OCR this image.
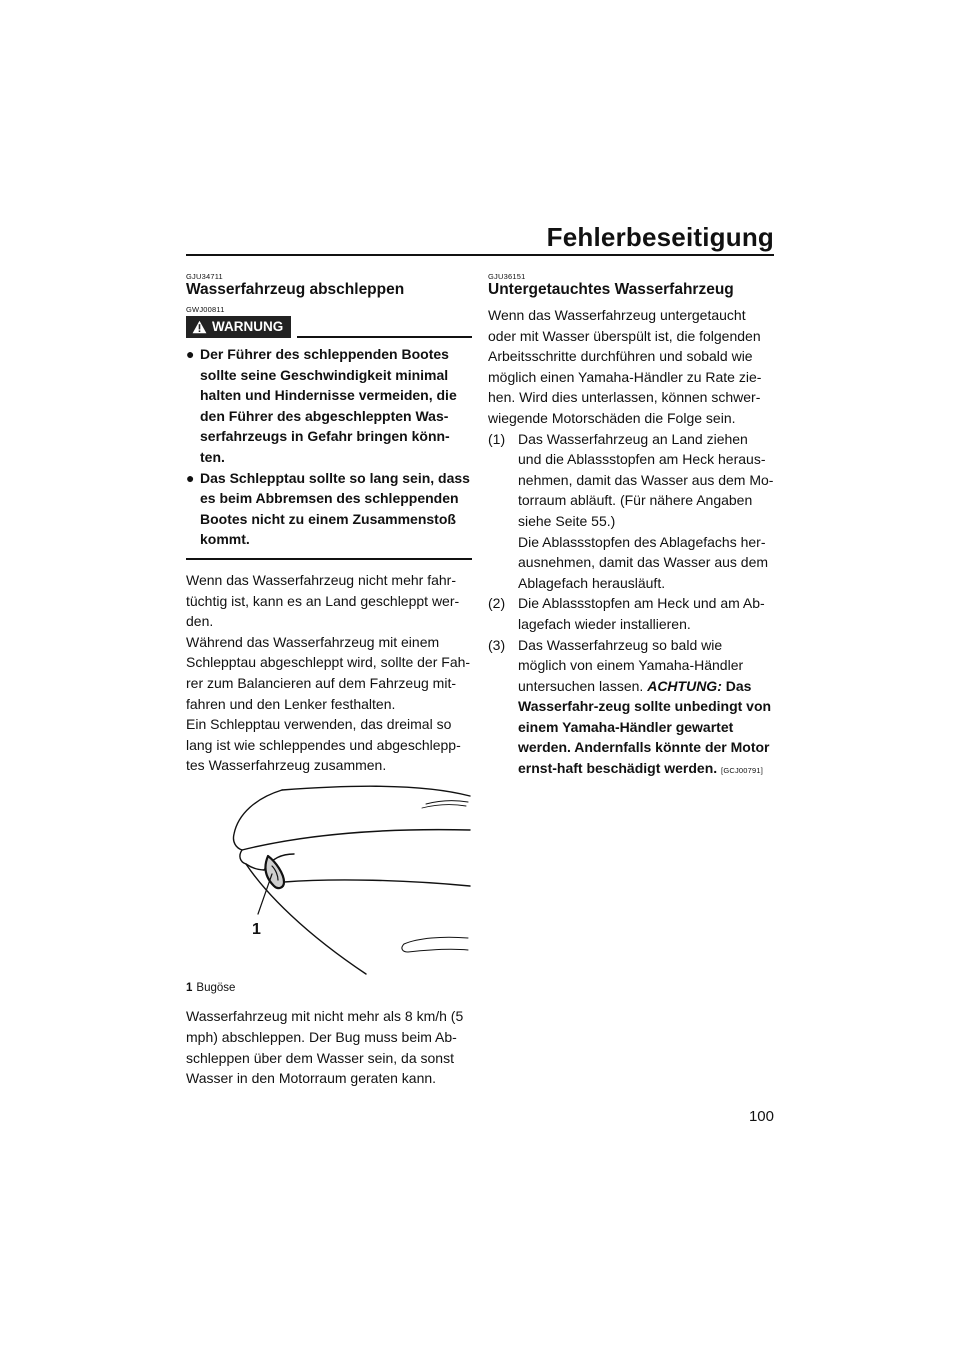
Fehlerbeseitigung
GJU34711
Wasserfahrzeug abschleppen
GWJ00811
WARNUNG
● Der Führer des schleppenden Bootes sollte seine Geschwindigkeit minimal halten und Hindernisse vermeiden, die den Führer des abgeschleppten Was-serfahrzeugs in Gefahr bringen könn-ten.
● Das Schlepptau sollte so lang sein, dass es beim Abbremsen des schleppenden Bootes nicht zu einem Zusammenstoß kommt.

Wenn das Wasserfahrzeug nicht mehr fahr-tüchtig ist, kann es an Land geschleppt wer-den.

Während das Wasserfahrzeug mit einem Schlepptau abgeschleppt wird, sollte der Fah-rer zum Balancieren auf dem Fahrzeug mit-fahren und den Lenker festhalten.

Ein Schlepptau verwenden, das dreimal so lang ist wie schleppendes und abgeschlepp-tes Wasserfahrzeug zusammen.

1
1 Bugöse

Wasserfahrzeug mit nicht mehr als 8 km/h (5 mph) abschleppen. Der Bug muss beim Ab-schleppen über dem Wasser sein, da sonst Wasser in den Motorraum geraten kann.

GJU36151
Untergetauchtes Wasserfahrzeug

Wenn das Wasserfahrzeug untergetaucht oder mit Wasser überspült ist, die folgenden Arbeitsschritte durchführen und sobald wie möglich einen Yamaha-Händler zu Rate zie-hen. Wird dies unterlassen, können schwer-wiegende Motorschäden die Folge sein.

(1) Das Wasserfahrzeug an Land ziehen und die Ablassstopfen am Heck heraus-nehmen, damit das Wasser aus dem Mo-torraum abläuft. (Für nähere Angaben siehe Seite 55.)
Die Ablassstopfen des Ablagefachs her-ausnehmen, damit das Wasser aus dem Ablagefach herausläuft.
(2) Die Ablassstopfen am Heck und am Ab-lagefach wieder installieren.
(3) Das Wasserfahrzeug so bald wie möglich von einem Yamaha-Händler untersuchen lassen. ACHTUNG: Das Wasserfahr-zeug sollte unbedingt von einem Yamaha-Händler gewartet werden. Andernfalls könnte der Motor ernst-haft beschädigt werden. [GCJ00791]
100
